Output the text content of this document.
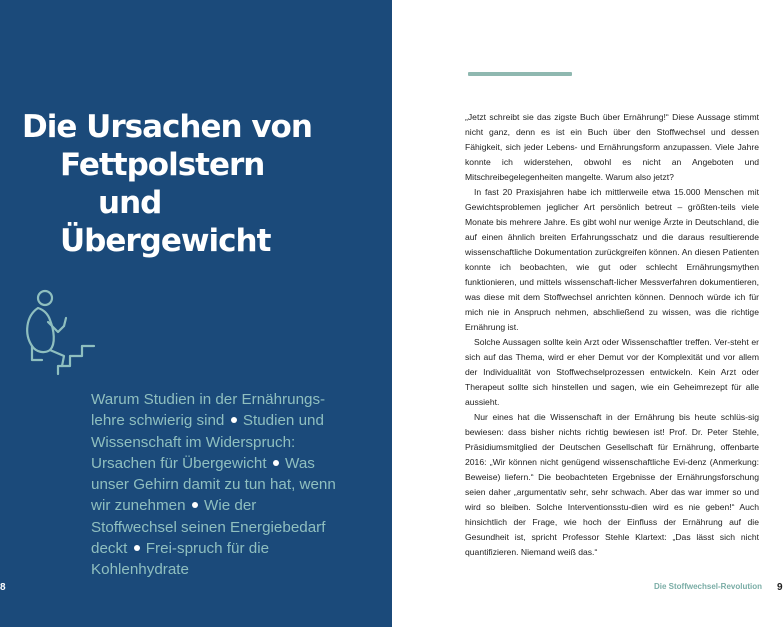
Die Ursachen von
Fettpolstern
und
Übergewicht

Warum Studien in der Ernährungs-lehre schwierig sind Studien und Wissenschaft im Widerspruch: Ursachen für Übergewicht Was unser Gehirn damit zu tun hat, wenn wir zunehmen Wie der Stoffwechsel seinen Energiebedarf deckt Frei-spruch für die Kohlenhydrate

8

„Jetzt schreibt sie das zigste Buch über Ernährung!“ Diese Aussage stimmt nicht ganz, denn es ist ein Buch über den Stoffwechsel und dessen Fähigkeit, sich jeder Lebens- und Ernährungsform anzupassen. Viele Jahre konnte ich widerstehen, obwohl es nicht an Angeboten und Mitschreibegelegenheiten mangelte. Warum also jetzt?

In fast 20 Praxisjahren habe ich mittlerweile etwa 15.000 Menschen mit Gewichtsproblemen jeglicher Art persönlich betreut – größten-teils viele Monate bis mehrere Jahre. Es gibt wohl nur wenige Ärzte in Deutschland, die auf einen ähnlich breiten Erfahrungsschatz und die daraus resultierende wissenschaftliche Dokumentation zurückgreifen können. An diesen Patienten konnte ich beobachten, wie gut oder schlecht Ernährungsmythen funktionieren, und mittels wissenschaft-licher Messverfahren dokumentieren, was diese mit dem Stoffwechsel anrichten können. Dennoch würde ich für mich nie in Anspruch nehmen, abschließend zu wissen, was die richtige Ernährung ist.

Solche Aussagen sollte kein Arzt oder Wissenschaftler treffen. Ver-steht er sich auf das Thema, wird er eher Demut vor der Komplexität und vor allem der Individualität von Stoffwechselprozessen entwickeln. Kein Arzt oder Therapeut sollte sich hinstellen und sagen, wie ein Geheimrezept für alle aussieht.

Nur eines hat die Wissenschaft in der Ernährung bis heute schlüs-sig bewiesen: dass bisher nichts richtig bewiesen ist! Prof. Dr. Peter Stehle, Präsidiumsmitglied der Deutschen Gesellschaft für Ernährung, offenbarte 2016: „Wir können nicht genügend wissenschaftliche Evi-denz (Anmerkung: Beweise) liefern.“ Die beobachteten Ergebnisse der Ernährungsforschung seien daher „argumentativ sehr, sehr schwach. Aber das war immer so und wird so bleiben. Solche Interventionsstu-dien wird es nie geben!“ Auch hinsichtlich der Frage, wie hoch der Einfluss der Ernährung auf die Gesundheit ist, spricht Professor Stehle Klartext: „Das lässt sich nicht quantifizieren. Niemand weiß das.“

Die Stoffwechsel-Revolution 9
